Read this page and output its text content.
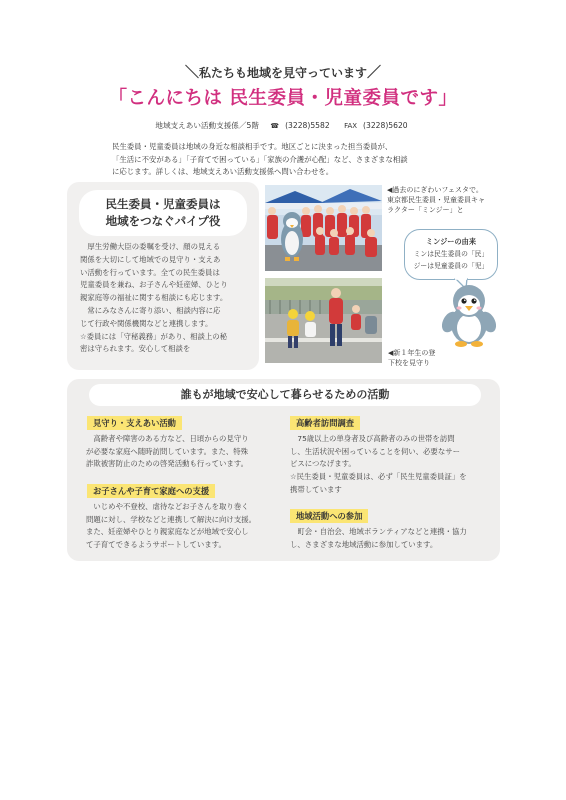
＼私たちも地域を見守っています／
「こんにちは 民生委員・児童委員です」
地域支えあい活動支援係／5階 ☎ (3228)5582 FAX (3228)5620

民生委員・児童委員は地域の身近な相談相手です。地区ごとに決まった担当委員が、

「生活に不安がある」「子育てで困っている」「家族の介護が心配」など、さまざまな相談

に応じます。詳しくは、地域支えあい活動支援係へ問い合わせを。

民生委員・児童委員は
地域をつなぐパイプ役

　厚生労働大臣の委嘱を受け、顔の見える

関係を大切にして地域での見守り・支えあ

い活動を行っています。全ての民生委員は

児童委員を兼ね、お子さんや妊産婦、ひとり

親家庭等の福祉に関する相談にも応じます。

　常にみなさんに寄り添い、相談内容に応

じて行政や関係機関などと連携します。

☆委員には「守秘義務」があり、相談上の秘

密は守られます。安心して相談を

◀過去のにぎわいフェスタで。

東京都民生委員・児童委員キャ

ラクター「ミンジー」と

◀新１年生の登

下校を見守り

ミンジーの由来
ミンは民生委員の「民」
ジーは児童委員の「児」
誰もが地域で安心して暮らせるための活動
見守り・支えあい活動

　高齢者や障害のある方など、日頃からの見守り

が必要な家庭へ随時訪問しています。また、特殊

詐欺被害防止のための啓発活動も行っています。

お子さんや子育て家庭への支援

　いじめや不登校、虐待などお子さんを取り巻く

問題に対し、学校などと連携して解決に向け支援。

また、妊産婦やひとり親家庭などが地域で安心し

て子育てできるようサポートしています。

高齢者訪問調査

　75歳以上の単身者及び高齢者のみの世帯を訪問

し、生活状況や困っていることを伺い、必要なサー

ビスにつなげます。

☆民生委員・児童委員は、必ず「民生児童委員証」を

携帯しています

地域活動への参加

　町会・自治会、地域ボランティアなどと連携・協力

し、さまざまな地域活動に参加しています。
